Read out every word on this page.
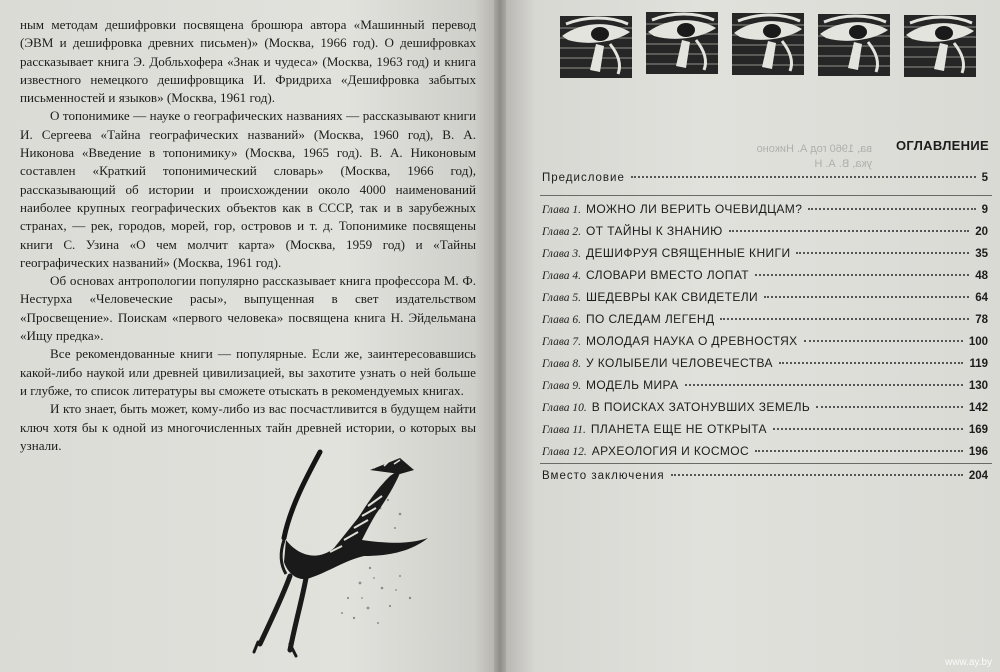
ным методам дешифровки посвящена брошюра автора «Машинный перевод (ЭВМ и дешифровка древних письмен)» (Москва, 1966 год). О дешифровках рассказывает книга Э. Добльхофера «Знак и чудеса» (Москва, 1963 год) и книга известного немецкого дешифровщика И. Фридриха «Дешифровка забытых письменностей и языков» (Москва, 1961 год).

О топонимике — науке о географических названиях — рассказывают книги И. Сергеева «Тайна географических названий» (Москва, 1960 год), В. А. Никонова «Введение в топонимику» (Москва, 1965 год). В. А. Никоновым составлен «Краткий топонимический словарь» (Москва, 1966 год), рассказывающий об истории и происхождении около 4000 наименований наиболее крупных географических объектов как в СССР, так и в зарубежных странах, — рек, городов, морей, гор, островов и т. д. Топонимике посвящены книги С. Узина «О чем молчит карта» (Москва, 1959 год) и «Тайны географических названий» (Москва, 1961 год).

Об основах антропологии популярно рассказывает книга профессора М. Ф. Нестурха «Человеческие расы», выпущенная в свет издательством «Просвещение». Поискам «первого человека» посвящена книга Н. Эйдельмана «Ищу предка».

Все рекомендованные книги — популярные. Если же, заинтересовавшись какой-либо наукой или древней цивилизацией, вы захотите узнать о ней больше и глубже, то список литературы вы сможете отыскать в рекомендуемых книгах.

И кто знает, быть может, кому-либо из вас посчастливится в будущем найти ключ хотя бы к одной из многочисленных тайн древней истории, о которых вы узнали.

ва, 1960 год А. Никоно
ука, В. А. Н
ОГЛАВЛЕНИЕ
Предисловие	5
Глава 1. МОЖНО ЛИ ВЕРИТЬ ОЧЕВИДЦАМ?	9
Глава 2. ОТ ТАЙНЫ К ЗНАНИЮ	20
Глава 3. ДЕШИФРУЯ СВЯЩЕННЫЕ КНИГИ	35
Глава 4. СЛОВАРИ ВМЕСТО ЛОПАТ	48
Глава 5. ШЕДЕВРЫ КАК СВИДЕТЕЛИ	64
Глава 6. ПО СЛЕДАМ ЛЕГЕНД	78
Глава 7. МОЛОДАЯ НАУКА О ДРЕВНОСТЯХ	100
Глава 8. У КОЛЫБЕЛИ ЧЕЛОВЕЧЕСТВА	119
Глава 9. МОДЕЛЬ МИРА	130
Глава 10. В ПОИСКАХ ЗАТОНУВШИХ ЗЕМЕЛЬ	142
Глава 11. ПЛАНЕТА ЕЩЕ НЕ ОТКРЫТА	169
Глава 12. АРХЕОЛОГИЯ И КОСМОС	196
Вместо заключения	204
www.ay.by
